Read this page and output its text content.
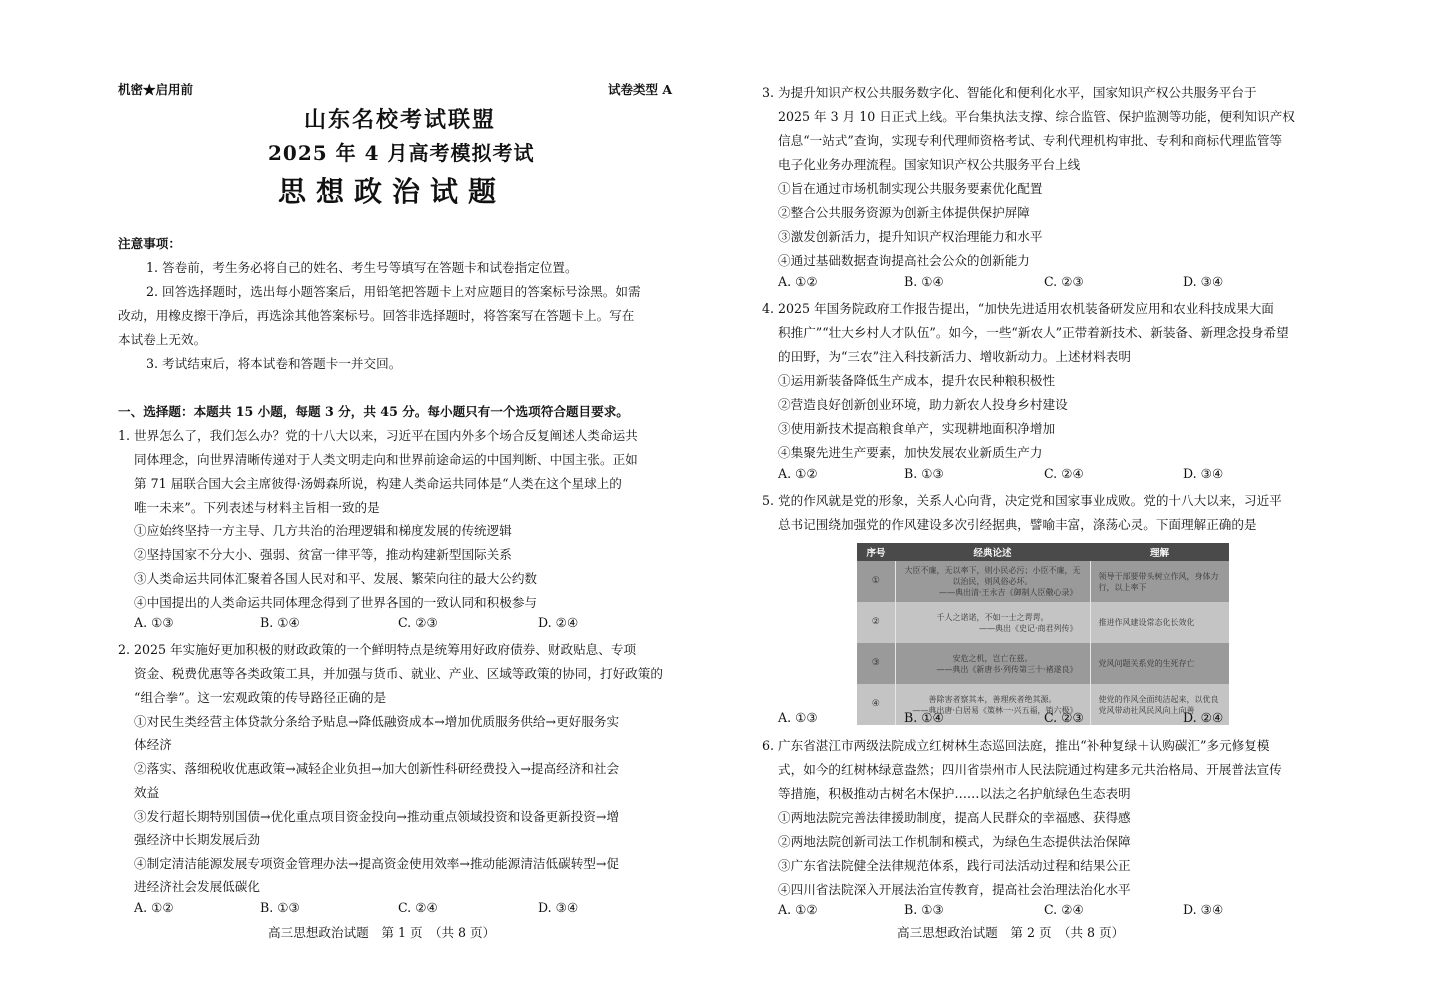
机密★启用前	试卷类型 A
山东名校考试联盟
2025 年 4 月高考模拟考试
思想政治试题
注意事项：
1. 答卷前，考生务必将自己的姓名、考生号等填写在答题卡和试卷指定位置。
2. 回答选择题时，选出每小题答案后，用铅笔把答题卡上对应题目的答案标号涂黑。如需
改动，用橡皮擦干净后，再选涂其他答案标号。回答非选择题时，将答案写在答题卡上。写在
本试卷上无效。
3. 考试结束后，将本试卷和答题卡一并交回。
一、选择题：本题共 15 小题，每题 3 分，共 45 分。每小题只有一个选项符合题目要求。
1. 世界怎么了，我们怎么办？党的十八大以来，习近平在国内外多个场合反复阐述人类命运共
同体理念，向世界清晰传递对于人类文明走向和世界前途命运的中国判断、中国主张。正如
第 71 届联合国大会主席彼得·汤姆森所说，构建人类命运共同体是“人类在这个星球上的
唯一未来”。下列表述与材料主旨相一致的是
①应始终坚持一方主导、几方共治的治理逻辑和梯度发展的传统逻辑
②坚持国家不分大小、强弱、贫富一律平等，推动构建新型国际关系
③人类命运共同体汇聚着各国人民对和平、发展、繁荣向往的最大公约数
④中国提出的人类命运共同体理念得到了世界各国的一致认同和积极参与
A. ①③	B. ①④	C. ②③	D. ②④
2. 2025 年实施好更加积极的财政政策的一个鲜明特点是统筹用好政府债券、财政贴息、专项
资金、税费优惠等各类政策工具，并加强与货币、就业、产业、区域等政策的协同，打好政策的
“组合拳”。这一宏观政策的传导路径正确的是
①对民生类经营主体贷款分条给予贴息→降低融资成本→增加优质服务供给→更好服务实
体经济
②落实、落细税收优惠政策→减轻企业负担→加大创新性科研经费投入→提高经济和社会
效益
③发行超长期特别国债→优化重点项目资金投向→推动重点领域投资和设备更新投资→增
强经济中长期发展后劲
④制定清洁能源发展专项资金管理办法→提高资金使用效率→推动能源清洁低碳转型→促
进经济社会发展低碳化
A. ①②	B. ①③	C. ②④	D. ③④
高三思想政治试题　第 1 页　（共 8 页）
3. 为提升知识产权公共服务数字化、智能化和便利化水平，国家知识产权公共服务平台于
2025 年 3 月 10 日正式上线。平台集执法支撑、综合监管、保护监测等功能，便利知识产权
信息“一站式”查询，实现专利代理师资格考试、专利代理机构审批、专利和商标代理监管等
电子化业务办理流程。国家知识产权公共服务平台上线
①旨在通过市场机制实现公共服务要素优化配置
②整合公共服务资源为创新主体提供保护屏障
③激发创新活力，提升知识产权治理能力和水平
④通过基础数据查询提高社会公众的创新能力
A. ①②	B. ①④	C. ②③	D. ③④
4. 2025 年国务院政府工作报告提出，“加快先进适用农机装备研发应用和农业科技成果大面
积推广”“壮大乡村人才队伍”。如今，一些“新农人”正带着新技术、新装备、新理念投身希望
的田野，为“三农”注入科技新活力、增收新动力。上述材料表明
①运用新装备降低生产成本，提升农民种粮积极性
②营造良好创新创业环境，助力新农人投身乡村建设
③使用新技术提高粮食单产，实现耕地面积净增加
④集聚先进生产要素，加快发展农业新质生产力
A. ①②	B. ①③	C. ②④	D. ③④
5. 党的作风就是党的形象，关系人心向背，决定党和国家事业成败。党的十八大以来，习近平
总书记围绕加强党的作风建设多次引经据典，譬喻丰富，涤荡心灵。下面理解正确的是
序号	经典论述	理解
①	大臣不廉，无以率下，则小民必污；小臣不廉，无以治民，则风俗必坏。
——典出清·王永吉《御制人臣儆心录》	领导干部要带头树立作风，身体力行，以上率下
②	千人之诺诺，不如一士之谔谔。
——典出《史记·商君列传》	推进作风建设常态化长效化
③	安危之机，岂亡在兹。
——典出《新唐书·列传第三十·褚遂良》	党风问题关系党的生死存亡
④	善除害者察其本，善理疾者绝其源。
——典出唐·白居易《策林一·兴五福，销六极》	使党的作风全面纯洁起来，以优良党风带动社风民风向上向善
A. ①③	B. ①④	C. ②③	D. ②④
6. 广东省湛江市两级法院成立红树林生态巡回法庭，推出“补种复绿＋认购碳汇”多元修复模
式，如今的红树林绿意盎然；四川省崇州市人民法院通过构建多元共治格局、开展普法宣传
等措施，积极推动古树名木保护……以法之名护航绿色生态表明
①两地法院完善法律援助制度，提高人民群众的幸福感、获得感
②两地法院创新司法工作机制和模式，为绿色生态提供法治保障
③广东省法院健全法律规范体系，践行司法活动过程和结果公正
④四川省法院深入开展法治宣传教育，提高社会治理法治化水平
A. ①②	B. ①③	C. ②④	D. ③④
高三思想政治试题　第 2 页　（共 8 页）
